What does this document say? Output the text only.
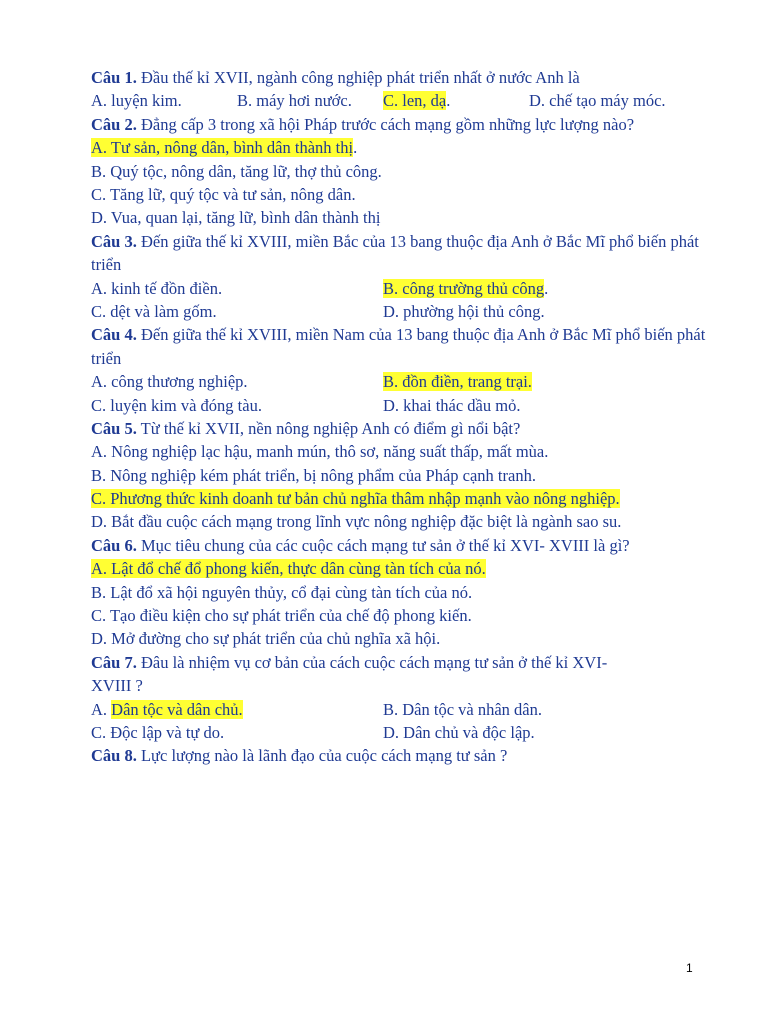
Câu 1. Đầu thế kỉ XVII, ngành công nghiệp phát triển nhất ở nước Anh là
A. luyện kim.	B. máy hơi nước.	C. len, dạ.	D. chế tạo máy móc.
Câu 2. Đẳng cấp 3 trong xã hội Pháp trước cách mạng gồm những lực lượng nào?
A. Tư sản, nông dân, bình dân thành thị.
B. Quý tộc, nông dân, tăng lữ, thợ thủ công.
C. Tăng lữ, quý tộc và tư sản, nông dân.
D. Vua, quan lại, tăng lữ, bình dân thành thị
Câu 3. Đến giữa thế kỉ XVIII, miền Bắc của 13 bang thuộc địa Anh ở Bắc Mĩ phổ biến phát triển
A. kinh tế đồn điền.	B. công trường thủ công.
C. dệt và làm gốm.	D. phường hội thủ công.
Câu 4. Đến giữa thế kỉ XVIII, miền Nam của 13 bang thuộc địa Anh ở Bắc Mĩ phổ biến phát triển
A. công thương nghiệp.	B. đồn điền, trang trại.
C. luyện kim và đóng tàu.	D. khai thác dầu mỏ.
Câu 5. Từ thế kỉ XVII, nền nông nghiệp Anh có điểm gì nổi bật?
A. Nông nghiệp lạc hậu, manh mún, thô sơ, năng suất thấp, mất mùa.
B. Nông nghiệp kém phát triển, bị nông phẩm của Pháp cạnh tranh.
C. Phương thức kinh doanh tư bản chủ nghĩa thâm nhập mạnh vào nông nghiệp.
D. Bắt đầu cuộc cách mạng trong lĩnh vực nông nghiệp đặc biệt là ngành sao su.
Câu 6. Mục tiêu chung của các cuộc cách mạng tư sản ở thế kỉ XVI- XVIII là gì?
A. Lật đổ chế đổ phong kiến, thực dân cùng tàn tích của nó.
B. Lật đổ xã hội nguyên thủy, cổ đại cùng tàn tích của nó.
C. Tạo điều kiện cho sự phát triển của chế độ phong kiến.
D. Mở đường cho sự phát triển của chủ nghĩa xã hội.
Câu 7. Đâu là nhiệm vụ cơ bản của cách cuộc cách mạng tư sản ở thế kỉ XVI- XVIII ?
A. Dân tộc và dân chủ.	B. Dân tộc và nhân dân.
C. Độc lập và tự do.	D. Dân chủ và độc lập.
Câu 8. Lực lượng nào là lãnh đạo của cuộc cách mạng tư sản ?
1
